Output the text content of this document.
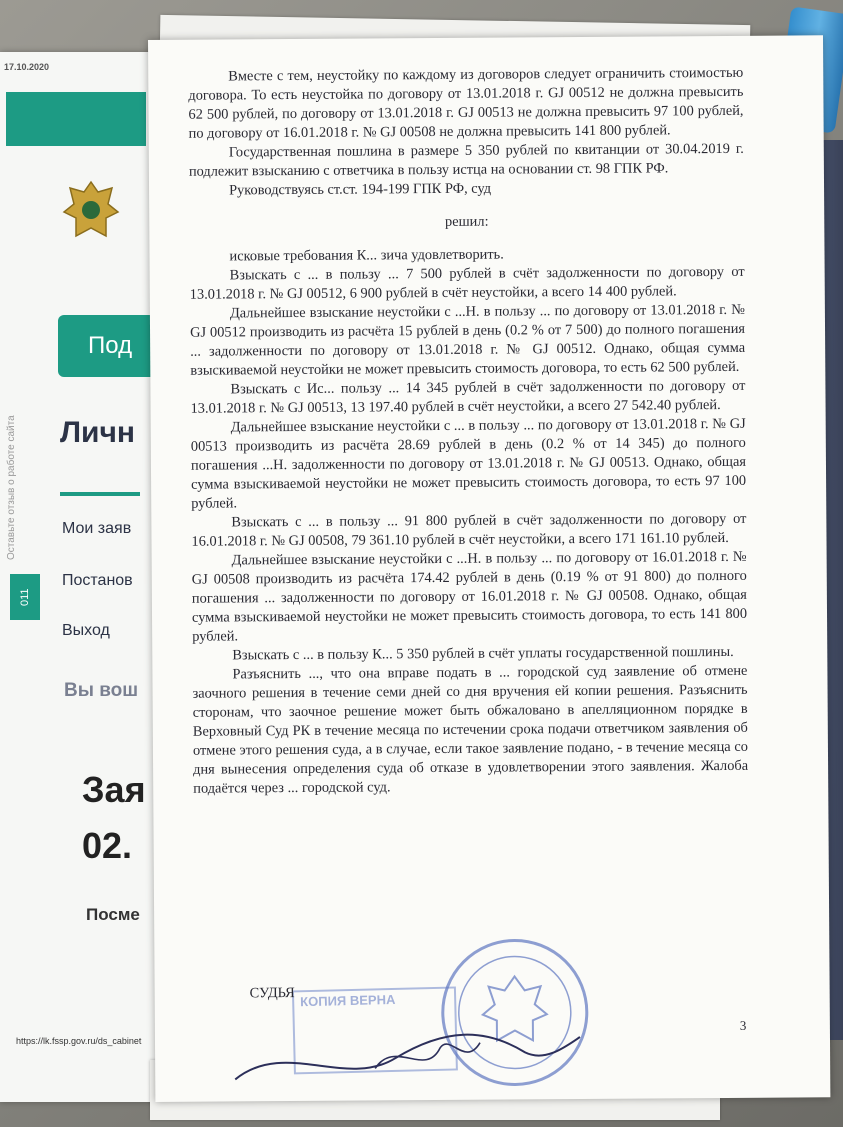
17.10.2020
Под
Личн
Мои заяв
Постанов
Выход
Вы вош
Зая
02.
Посме
Оставьте отзыв о работе сайта
011
https://lk.fssp.gov.ru/ds_cabinet

Вместе с тем, неустойку по каждому из договоров следует ограничить стоимостью договора. То есть неустойка по договору от 13.01.2018 г. GJ 00512 не должна превысить 62 500 рублей, по договору от 13.01.2018 г. GJ 00513 не должна превысить 97 100 рублей, по договору от 16.01.2018 г. № GJ 00508 не должна превысить 141 800 рублей.

Государственная пошлина в размере 5 350 рублей по квитанции от 30.04.2019 г. подлежит взысканию с ответчика в пользу истца на основании ст. 98 ГПК РФ.

Руководствуясь ст.ст. 194-199 ГПК РФ, суд

решил:

исковые требования К... зича удовлетворить.

Взыскать с ... в пользу ... 7 500 рублей в счёт задолженности по договору от 13.01.2018 г. № GJ 00512, 6 900 рублей в счёт неустойки, а всего 14 400 рублей.

Дальнейшее взыскание неустойки с ...Н. в пользу ... по договору от 13.01.2018 г. № GJ 00512 производить из расчёта 15 рублей в день (0.2 % от 7 500) до полного погашения ... задолженности по договору от 13.01.2018 г. № GJ 00512. Однако, общая сумма взыскиваемой неустойки не может превысить стоимость договора, то есть 62 500 рублей.

Взыскать с Ис... пользу ... 14 345 рублей в счёт задолженности по договору от 13.01.2018 г. № GJ 00513, 13 197.40 рублей в счёт неустойки, а всего 27 542.40 рублей.

Дальнейшее взыскание неустойки с ... в пользу ... по договору от 13.01.2018 г. № GJ 00513 производить из расчёта 28.69 рублей в день (0.2 % от 14 345) до полного погашения ...Н. задолженности по договору от 13.01.2018 г. № GJ 00513. Однако, общая сумма взыскиваемой неустойки не может превысить стоимость договора, то есть 97 100 рублей.

Взыскать с ... в пользу ... 91 800 рублей в счёт задолженности по договору от 16.01.2018 г. № GJ 00508, 79 361.10 рублей в счёт неустойки, а всего 171 161.10 рублей.

Дальнейшее взыскание неустойки с ...Н. в пользу ... по договору от 16.01.2018 г. № GJ 00508 производить из расчёта 174.42 рублей в день (0.19 % от 91 800) до полного погашения ... задолженности по договору от 16.01.2018 г. № GJ 00508. Однако, общая сумма взыскиваемой неустойки не может превысить стоимость договора, то есть 141 800 рублей.

Взыскать с ... в пользу К... 5 350 рублей в счёт уплаты государственной пошлины.

Разъяснить ..., что она вправе подать в ... городской суд заявление об отмене заочного решения в течение семи дней со дня вручения ей копии решения. Разъяснить сторонам, что заочное решение может быть обжаловано в апелляционном порядке в Верховный Суд РК в течение месяца по истечении срока подачи ответчиком заявления об отмене этого решения суда, а в случае, если такое заявление подано, - в течение месяца со дня вынесения определения суда об отказе в удовлетворении этого заявления. Жалоба подаётся через ... городской суд.

КОПИЯ ВЕРНА
СУДЬЯ
3
